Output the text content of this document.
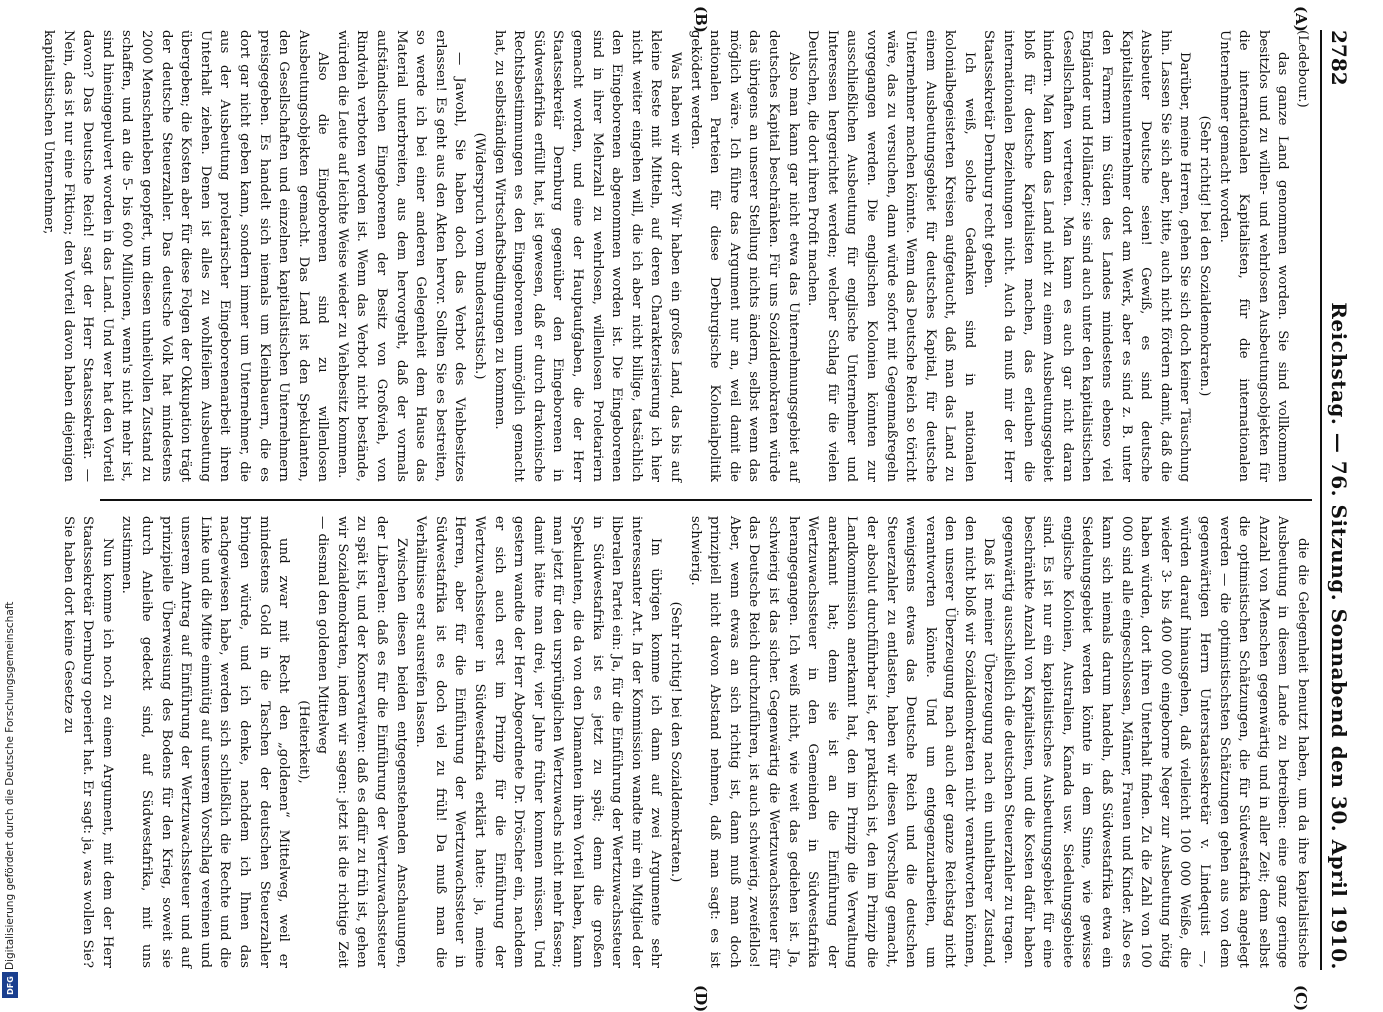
2782
Reichstag. — 76. Sitzung. Sonnabend den 30. April 1910.
(A)
(B)
(C)
(D)

(Ledebour.)

das ganze Land genommen worden. Sie sind vollkommen besitzlos und zu willen- und wehrlosen Ausbeutungsobjekten für die internationalen Kapitalisten, für die internationalen Unternehmer gemacht worden.

(Sehr richtig! bei den Sozialdemokraten.)

Darüber, meine Herren, gehen Sie sich doch keiner Täuschung hin. Lassen Sie sich aber, bitte, auch nicht fördern damit, daß die Ausbeuter Deutsche seien! Gewiß, es sind deutsche Kapitalistenunternehmer dort am Werk, aber es sind z. B. unter den Farmern im Süden des Landes mindestens ebenso viel Engländer und Holländer; sie sind auch unter den kapitalistischen Gesellschaften vertreten. Man kann es auch gar nicht daran hindern. Man kann das Land nicht zu einem Ausbeutungsgebiet bloß für deutsche Kapitalisten machen, das erlauben die internationalen Beziehungen nicht. Auch da muß mir der Herr Staatssekretär Dernburg recht geben.

Ich weiß, solche Gedanken sind in nationalen kolonialbegeisterten Kreisen aufgetaucht, daß man das Land zu einem Ausbeutungsgebiet für deutsches Kapital, für deutsche Unternehmer machen könnte. Wenn das Deutsche Reich so töricht wäre, das zu versuchen, dann würde sofort mit Gegenmaßregeln vorgegangen werden. Die englischen Kolonien könnten zur ausschließlichen Ausbeutung für englische Unternehmer und Interessen hergerichtet werden; welcher Schlag für die vielen Deutschen, die dort ihren Profit machen.

Also man kann gar nicht etwa das Unternehmungsgebiet auf deutsches Kapital beschränken. Für uns Sozialdemokraten würde das übrigens an unserer Stellung nichts ändern, selbst wenn das möglich wäre. Ich führe das Argument nur an, weil damit die nationalen Parteien für diese Derburgische Kolonialpolitik geködert werden.

Was haben wir dort? Wir haben ein großes Land, das bis auf kleine Reste mit Mitteln, auf deren Charakterisierung ich hier nicht weiter eingehen will, die ich aber nicht billige, tatsächlich den Eingeborenen abgenommen worden ist. Die Eingeborenen sind in ihrer Mehrzahl zu wehrlosen, willenlosen Proletariern gemacht worden, und eine der Hauptaufgaben, die der Herr Staatssekretär Dernburg gegenüber den Eingeborenen in Südwestafrika erfüllt hat, ist gewesen, daß er durch drakonische Rechtsbestimmungen es den Eingeborenen unmöglich gemacht hat, zu selbständigen Wirtschaftsbedingungen zu kommen.

(Widerspruch vom Bundesratstisch.)

— Jawohl, Sie haben doch das Verbot des Viehbesitzes erlassen! Es geht aus den Akten hervor. Sollten Sie es bestreiten, so werde ich bei einer anderen Gelegenheit dem Hause das Material unterbreiten, aus dem hervorgeht, daß der vormals aufständischen Eingeborenen der Besitz von Großvieh, von Rindvieh verboten worden ist. Wenn das Verbot nicht bestände, würden die Leute auf leichte Weise wieder zu Viehbesitz kommen.

Also die Eingeborenen sind zu willenlosen Ausbeutungsobjekten gemacht. Das Land ist den Spekulanten, den Gesellschaften und einzelnen kapitalistischen Unternehmern preisgegeben. Es handelt sich niemals um Kleinbauern, die es dort gar nicht geben kann, sondern immer um Unternehmer, die aus der Ausbeutung proletarischer Eingeborenenarbeit ihren Unterhalt ziehen. Denen ist alles zu wohlfeilem Ausbeutung übergeben; die Kosten aber für diese Folgen der Okkupation trägt der deutsche Steuerzahler. Das deutsche Volk hat mindestens 2000 Menschenleben geopfert, um diesen unheilvollen Zustand zu schaffen, und an die 5- bis 600 Millionen, wenn's nicht mehr ist, sind hineingepulvert worden in das Land. Und wer hat den Vorteil davon? Das Deutsche Reich! sagt der Herr Staatssekretär. — Nein, das ist nur eine Fiktion; den Vorteil davon haben diejenigen kapitalistischen Unternehmer,

die die Gelegenheit benutzt haben, um da ihre kapitalistische Ausbeutung in diesem Lande zu betreiben: eine ganz geringe Anzahl von Menschen gegenwärtig und in aller Zeit; denn selbst die optimistischen Schätzungen, die für Südwestafrika angelegt werden — die optimistischsten Schätzungen gehen aus von dem gegenwärtigen Herrn Unterstaatssekretär v. Lindequist —, würden darauf hinausgehen, daß vielleicht 100 000 Weiße, die wieder 3- bis 400 000 eingeborne Neger zur Ausbeutung nötig haben würden, dort ihren Unterhalt finden. Zu die Zahl von 100 000 sind alle eingeschlossen, Männer, Frauen und Kinder. Also es kann sich niemals darum handeln, daß Südwestafrika etwa ein Siedelungsgebiet werden könnte in dem Sinne, wie gewisse englische Kolonien, Australien, Kanada usw. Siedelungsgebiete sind. Es ist nur ein kapitalistisches Ausbeutungsgebiet für eine beschränkte Anzahl von Kapitalisten, und die Kosten dafür haben gegenwärtig ausschließlich die deutschen Steuerzahler zu tragen.

Daß ist meiner Überzeugung nach ein unhaltbarer Zustand, den nicht bloß wir Sozialdemokraten nicht verantworten können, den unserer Überzeugung nach auch der ganze Reichstag nicht verantworten könnte. Und um entgegenzuarbeiten, um wenigstens etwas das Deutsche Reich und die deutschen Steuerzahler zu entlasten, haben wir diesen Vorschlag gemacht, der absolut durchführbar ist, der praktisch ist, den im Prinzip die Landkommission anerkannt hat, den im Prinzip die Verwaltung anerkannt hat; denn sie ist an die Einführung der Wertzuwachssteuer in den Gemeinden in Südwestafrika herangegangen. Ich weiß nicht, wie weit das gediehen ist. Ja, schwierig ist das sicher. Gegenwärtig die Wertzuwachssteuer für das Deutsche Reich durchzuführen, ist auch schwierig, zweifellos! Aber, wenn etwas an sich richtig ist, dann muß man doch prinzipiell nicht davon Abstand nehmen, daß man sagt: es ist schwierig.

(Sehr richtig! bei den Sozialdemokraten.)

Im übrigen komme ich dann auf zwei Argumente sehr interessanter Art. In der Kommission wandte mir ein Mitglied der liberalen Partei ein: Ja, für die Einführung der Wertzuwachssteuer in Südwestafrika ist es jetzt zu spät; denn die großen Spekulanten, die da von den Diamanten ihren Vorteil haben, kann man jetzt für den ursprünglichen Wertzuwachs nicht mehr fassen; damit hätte man drei, vier Jahre früher kommen müssen. Und gestern wandte der Herr Abgeordnete Dr. Dröscher ein, nachdem er sich auch erst im Prinzip für die Einführung der Wertzuwachssteuer in Südwestafrika erklärt hatte: ja, meine Herren, aber für die Einführung der Wertzuwachssteuer in Südwestafrika ist es doch viel zu früh! Da muß man die Verhältnisse erst ausreifen lassen.

Zwischen diesen beiden entgegenstehenden Anschauungen, der Liberalen: daß es für die Einführung der Wertzuwachssteuer zu spät ist, und der Konservativen: daß es dafür zu früh ist, gehen wir Sozialdemokraten, indem wir sagen: jetzt ist die richtige Zeit — diesmal den goldenen Mittelweg

(Heiterkeit),

und zwar mit Recht den „goldenen“ Mittelweg, weil er mindestens Gold in die Taschen der deutschen Steuerzahler bringen würde, und ich denke, nachdem ich Ihnen das nachgewiesen habe, werden sich schließlich die Rechte und die Linke und die Mitte einmütig auf unserem Vorschlag vereinen und unserem Antrag auf Einführung der Wertzuwachssteuer und auf prinzipielle Überweisung des Bodens für den Krieg, soweit sie durch Anleihe gedeckt sind, auf Südwestafrika, mit uns zustimmen.

Nun komme ich noch zu einem Argument, mit dem der Herr Staatssekretär Dernburg operiert hat. Er sagt: ja, was wollen Sie? Sie haben dort keine Gesetze zu

Digitalisierung gefördert durch die Deutsche Forschungsgemeinschaft
DFG
